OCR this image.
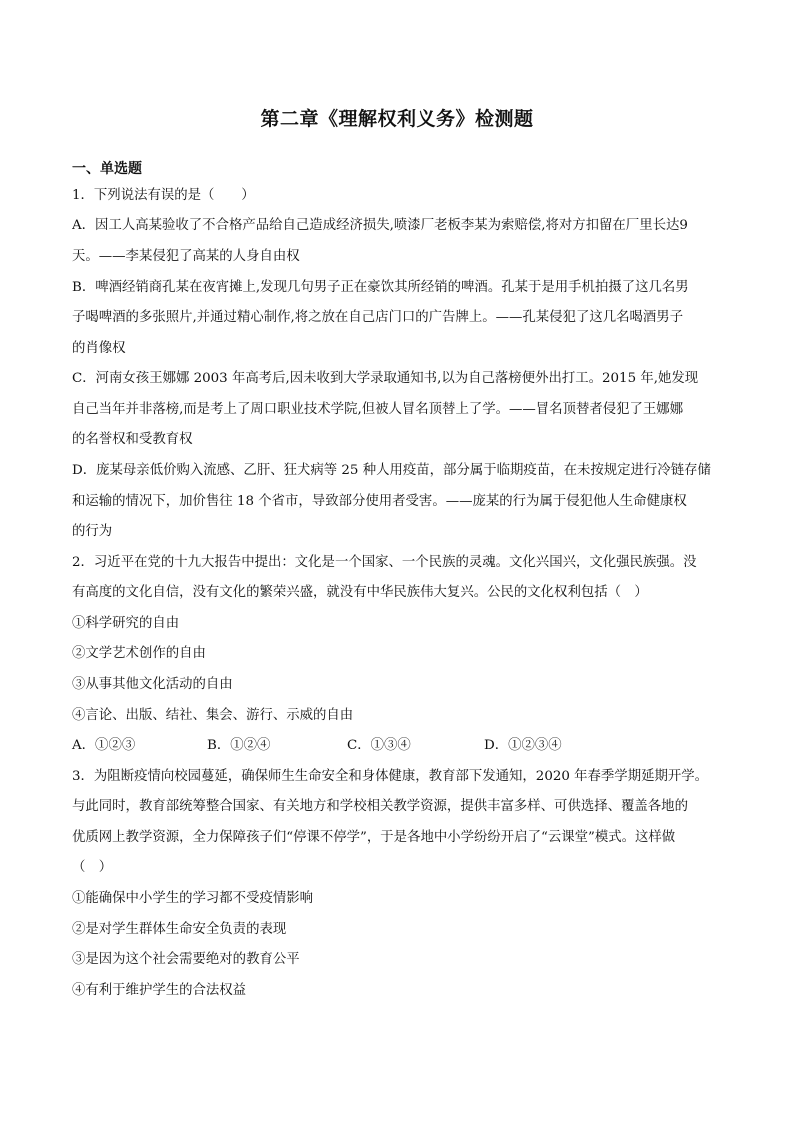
第二章《理解权利义务》检测题
一、单选题
1．下列说法有误的是（　　）
A．因工人高某验收了不合格产品给自己造成经济损失,喷漆厂老板李某为索赔偿,将对方扣留在厂里长达9
天。——李某侵犯了高某的人身自由权
B．啤酒经销商孔某在夜宵摊上,发现几句男子正在豪饮其所经销的啤酒。孔某于是用手机拍摄了这几名男
子喝啤酒的多张照片,并通过精心制作,将之放在自己店门口的广告牌上。——孔某侵犯了这几名喝酒男子
的肖像权
C．河南女孩王娜娜 2003 年高考后,因未收到大学录取通知书,以为自己落榜便外出打工。2015 年,她发现
自己当年并非落榜,而是考上了周口职业技术学院,但被人冒名顶替上了学。——冒名顶替者侵犯了王娜娜
的名誉权和受教育权
D．庞某母亲低价购入流感、乙肝、狂犬病等 25 种人用疫苗，部分属于临期疫苗，在未按规定进行冷链存储
和运输的情况下，加价售往 18 个省市，导致部分使用者受害。——庞某的行为属于侵犯他人生命健康权
的行为
2．习近平在党的十九大报告中提出：文化是一个国家、一个民族的灵魂。文化兴国兴，文化强民族强。没
有高度的文化自信，没有文化的繁荣兴盛，就没有中华民族伟大复兴。公民的文化权利包括（　）
①科学研究的自由
②文学艺术创作的自由
③从事其他文化活动的自由
④言论、出版、结社、集会、游行、示威的自由
A．①②③	B．①②④	C．①③④	D．①②③④
3．为阻断疫情向校园蔓延，确保师生生命安全和身体健康，教育部下发通知，2020 年春季学期延期开学。
与此同时，教育部统筹整合国家、有关地方和学校相关教学资源，提供丰富多样、可供选择、覆盖各地的
优质网上教学资源，全力保障孩子们“停课不停学”，于是各地中小学纷纷开启了“云课堂”模式。这样做
（　）
①能确保中小学生的学习都不受疫情影响
②是对学生群体生命安全负责的表现
③是因为这个社会需要绝对的教育公平
④有利于维护学生的合法权益
